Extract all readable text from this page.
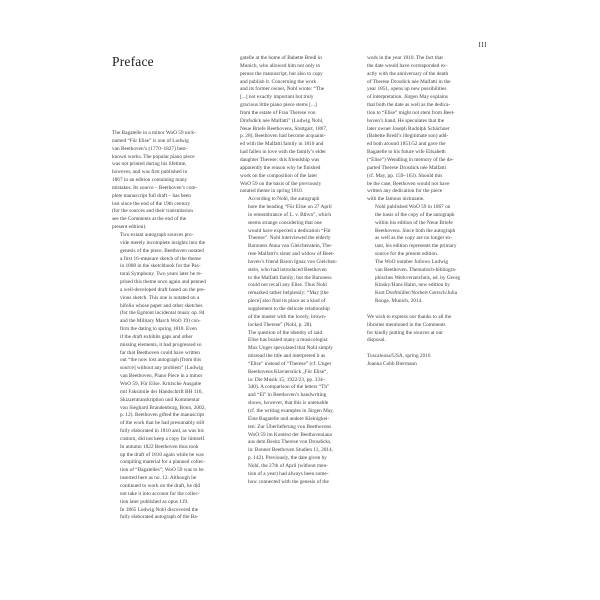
III
Preface

The Bagatelle in a minor WoO 59 nick-
named “Für Elise” is one of Ludwig
van Beethoven’s (1770–1827) best-
known works. The popular piano piece
was not printed during his lifetime,
however, and was first published in
1867 in an edition containing many
mistakes. Its source – Beethoven’s com-
plete manuscript full draft – has been
lost since the end of the 19th century
(for the sources and their transmission
see the Comments at the end of the
present edition).

Two extant autograph sources pro-
vide merely incomplete insights into the
genesis of the piece. Beethoven notated
a first 16-measure sketch of the theme
in 1808 in the sketchbook for the Pas-
toral Symphony. Two years later he re-
prised this theme once again and penned
a well-developed draft based on the pre-
vious sketch. This one is notated on a
bifolio whose paper and other sketches
(for the Egmont incidental music op. 84
and the Military March WoO 19) con-
firm the dating to spring 1810. Even
if the draft exhibits gaps and other
missing elements, it had progressed so
far that Beethoven could have written
out “the now lost autograph [from this
source] without any problem” (Ludwig
van Beethoven, Piano Piece in a minor
WoO 59, Für Elise. Kritische Ausgabe
mit Faksimile der Handschrift BH 116,
Skizzentranskription und Kommentar
von Sieghard Brandenburg, Bonn, 2002,
p. 12). Beethoven gifted the manuscript
of the work that he had presumably still
fully elaborated in 1810 and, as was his
custom, did not keep a copy for himself.
In autumn 1822 Beethoven thus took
up the draft of 1810 again while he was
compiling material for a planned collec-
tion of “Bagatelles”; WoO 59 was to be
inserted here as no. 12. Although he
continued to work on the draft, he did
not take it into account for the collec-
tion later published as opus 119.

In 1865 Ludwig Nohl discovered the
fully elaborated autograph of the Ba-

gatelle at the home of Babette Bredl in
Munich, who allowed him not only to
peruse the manuscript, but also to copy
and publish it. Concerning the work
and its former owner, Nohl wrote: “The
[...] not exactly important but truly
gracious little piano piece stems [...]
from the estate of Frau Therese von
Drofsdick née Malfatti” (Ludwig Nohl,
Neue Briefe Beethovens, Stuttgart, 1867,
p. 28). Beethoven had become acquaint-
ed with the Malfatti family in 1810 and
had fallen in love with the family’s elder
daughter Therese; this friendship was
apparently the reason why he finished
work on the composition of the later
WoO 59 on the basis of the previously
notated theme in spring 1810.

According to Nohl, the autograph
bore the heading “Für Elise on 27 April
in remembrance of L. v. Bthvn”, which
seems strange considering that one
would have expected a dedication “Für
Therese”. Nohl interviewed the elderly
Baroness Anna von Gleichenstein, The-
rese Malfatti’s sister and widow of Beet-
hoven’s friend Baron Ignaz von Gleichen-
stein, who had introduced Beethoven
to the Malfatti family; but the Baroness
could not recall any Elise. Thus Nohl
remarked rather helplessly: “May [the
piece] also find its place as a kind of
supplement to the delicate relationship
of the master with the lovely, brown-
locked Therese” (Nohl, p. 28).

The question of the identity of said
Elise has busied many a musicologist.
Max Unger speculated that Nohl simply
misread the title and interpreted it as
“Elise” instead of “Therese” (cf. Unger
Beethovens Klavierstück „Für Elise“,
in: Die Musik 15, 1922/23, pp. 334–
340). A comparison of the letters “Th”
and “El” in Beethoven’s handwriting
shows, however, that this is untenable
(cf. the writing examples in Jürgen May,
Eine Bagatelle und andere Kleinigkei-
ten: Zur Überlieferung von Beethovens
WoO 59 im Kontext der Beethoveniana
aus dem Besitz Therese von Drosdicks,
in: Bonner Beethoven Studien 11, 2014,
p. 142). Previously, the date given by
Nohl, the 27th of April (without men-
tion of a year) had always been some-
how connected with the genesis of the

work in the year 1810. The fact that
the date would have corresponded ex-
actly with the anniversary of the death
of Therese Drosdick née Malfatti in the
year 1851, opens up new possibilities
of interpretation. Jürgen May explains
that both the date as well as the dedica-
tion to “Elise” might not stem from Beet-
hoven’s hand. He speculates that the
later owner Joseph Rudolph Schächner
(Babette Bredl’s illegitimate son) add-
ed both around 1851/52 and gave the
Bagatelle to his future wife Elisabeth
(“Elise”) Wendling in memory of the de-
parted Therese Drosdick née Malfatti
(cf. May, pp. 159–163). Should this
be the case, Beethoven would not have
written any dedication for the piece
with the famous nickname.

Nohl published WoO 59 in 1867 on
the basis of the copy of the autograph
within his edition of the Neue Briefe
Beethovens. Since both the autograph
as well as the copy are no longer ex-
tant, his edition represents the primary
source for the present edition.

The WoO number follows Ludwig
van Beethoven. Thematisch-bibliogra-
phisches Werkverzeichnis, ed. by Georg
Kinsky/Hans Halm, new edition by
Kurt Dorfmüller/Norbert Gertsch/Julia
Ronge, Munich, 2014.

We wish to express our thanks to all the
libraries mentioned in the Comments
for kindly putting the sources at our
disposal.

Tuscaloosa/USA, spring 2016
Joanna Cobb Biermann
